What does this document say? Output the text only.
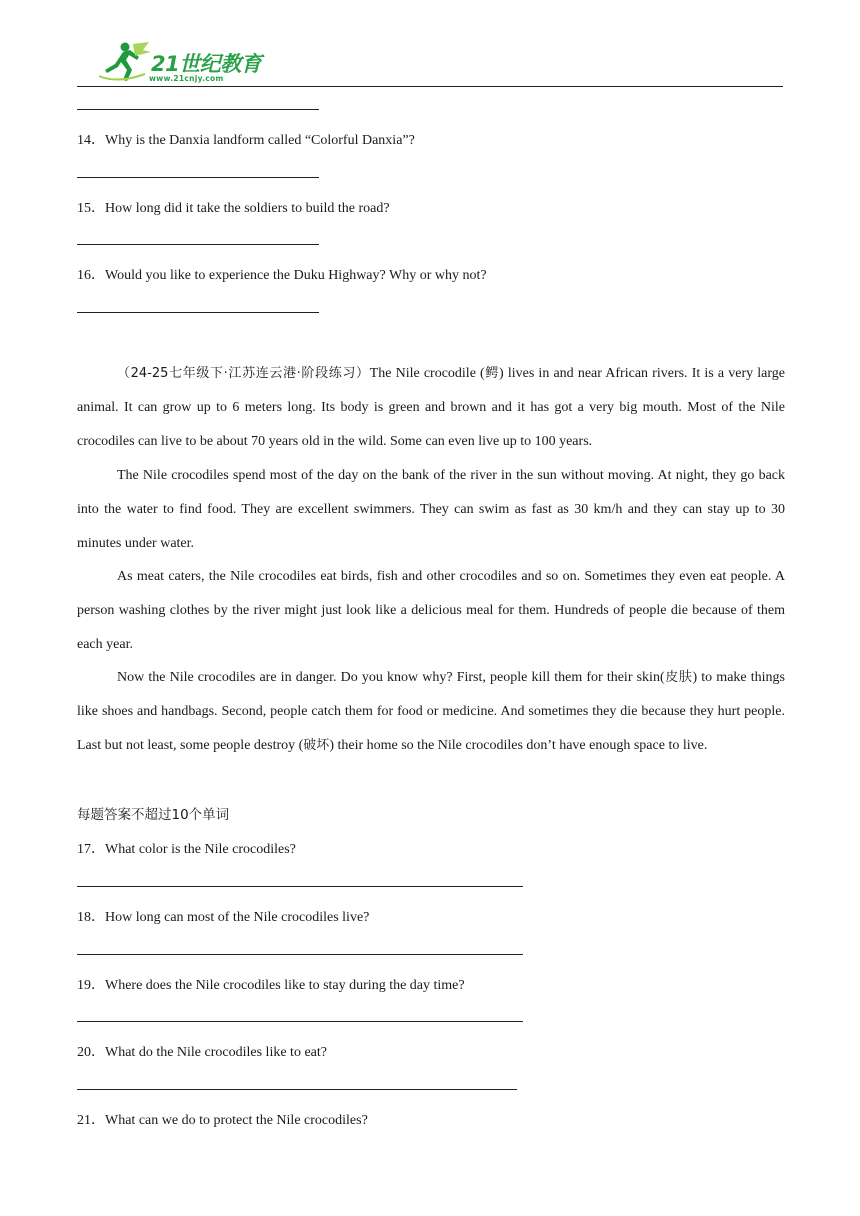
21世纪教育
www.21cnjy.com
14．Why is the Danxia landform called “Colorful Danxia”?
15．How long did it take the soldiers to build the road?
16．Would you like to experience the Duku Highway? Why or why not?

（24-25七年级下·江苏连云港·阶段练习）The Nile crocodile (鳄) lives in and near African rivers. It is a very large animal. It can grow up to 6 meters long. Its body is green and brown and it has got a very big mouth. Most of the Nile crocodiles can live to be about 70 years old in the wild. Some can even live up to 100 years.

The Nile crocodiles spend most of the day on the bank of the river in the sun without moving. At night, they go back into the water to find food. They are excellent swimmers. They can swim as fast as 30 km/h and they can stay up to 30 minutes under water.

As meat caters, the Nile crocodiles eat birds, fish and other crocodiles and so on. Sometimes they even eat people. A person washing clothes by the river might just look like a delicious meal for them. Hundreds of people die because of them each year.

Now the Nile crocodiles are in danger. Do you know why? First, people kill them for their skin(皮肤) to make things like shoes and handbags. Second, people catch them for food or medicine. And sometimes they die because they hurt people. Last but not least, some people destroy (破坏) their home so the Nile crocodiles don’t have enough space to live.

每题答案不超过10个单词
17．What color is the Nile crocodiles?
18．How long can most of the Nile crocodiles live?
19．Where does the Nile crocodiles like to stay during the day time?
20．What do the Nile crocodiles like to eat?
21．What can we do to protect the Nile crocodiles?
